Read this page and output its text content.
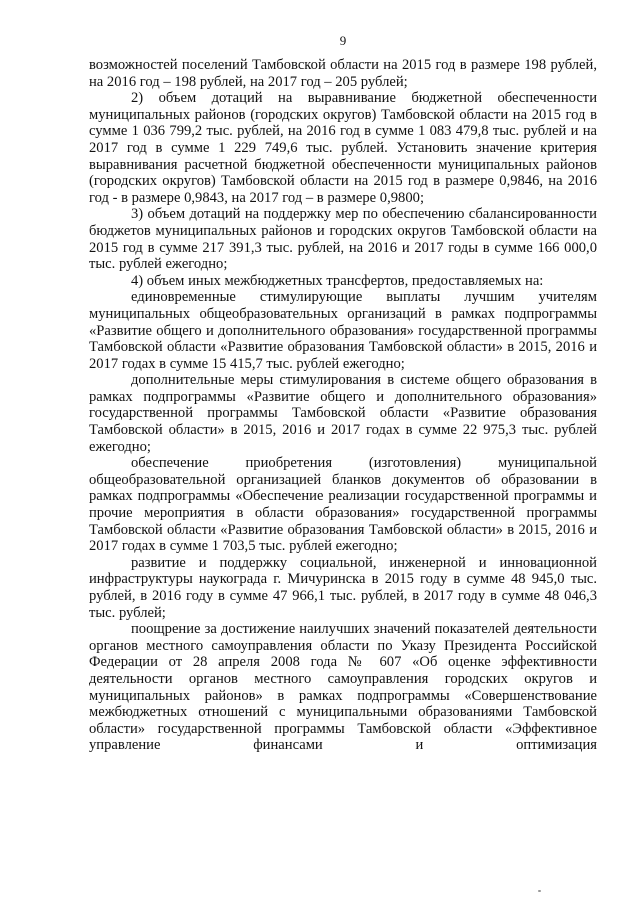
9

возможностей поселений Тамбовской области на 2015 год в размере 198 рублей, на 2016 год – 198 рублей, на 2017 год – 205 рублей;

2) объем дотаций на выравнивание бюджетной обеспеченности муниципальных районов (городских округов) Тамбовской области на 2015 год в сумме 1 036 799,2 тыс. рублей, на 2016 год в сумме 1 083 479,8 тыс. рублей и на 2017 год в сумме 1 229 749,6 тыс. рублей. Установить значение критерия выравнивания расчетной бюджетной обеспеченности муниципальных районов (городских округов) Тамбовской области на 2015 год в размере 0,9846, на 2016 год - в размере 0,9843, на 2017 год – в размере 0,9800;

3) объем дотаций на поддержку мер по обеспечению сбалансированности бюджетов муниципальных районов и городских округов Тамбовской области на 2015 год в сумме 217 391,3 тыс. рублей, на 2016 и 2017 годы в сумме 166 000,0 тыс. рублей ежегодно;

4) объем иных межбюджетных трансфертов, предоставляемых на:

единовременные стимулирующие выплаты лучшим учителям муниципальных общеобразовательных организаций в рамках подпрограммы «Развитие общего и дополнительного образования» государственной программы Тамбовской области «Развитие образования Тамбовской области» в 2015, 2016 и 2017 годах в сумме 15 415,7 тыс. рублей ежегодно;

дополнительные меры стимулирования в системе общего образования в рамках подпрограммы «Развитие общего и дополнительного образования» государственной программы Тамбовской области «Развитие образования Тамбовской области» в 2015, 2016 и 2017 годах в сумме 22 975,3 тыс. рублей ежегодно;

обеспечение приобретения (изготовления) муниципальной общеобразовательной организацией бланков документов об образовании в рамках подпрограммы «Обеспечение реализации государственной программы и прочие мероприятия в области образования» государственной программы Тамбовской области «Развитие образования Тамбовской области» в 2015, 2016 и 2017 годах в сумме 1 703,5 тыс. рублей ежегодно;

развитие и поддержку социальной, инженерной и инновационной инфраструктуры наукограда г. Мичуринска в 2015 году в сумме 48 945,0 тыс. рублей, в 2016 году в сумме 47 966,1 тыс. рублей, в 2017 году в сумме 48 046,3 тыс. рублей;

поощрение за достижение наилучших значений показателей деятельности органов местного самоуправления области по Указу Президента Российской Федерации от 28 апреля 2008 года № 607 «Об оценке эффективности деятельности органов местного самоуправления городских округов и муниципальных районов» в рамках подпрограммы «Совершенствование межбюджетных отношений с муниципальными образованиями Тамбовской области» государственной программы Тамбовской области «Эффективное управление финансами и оптимизация
